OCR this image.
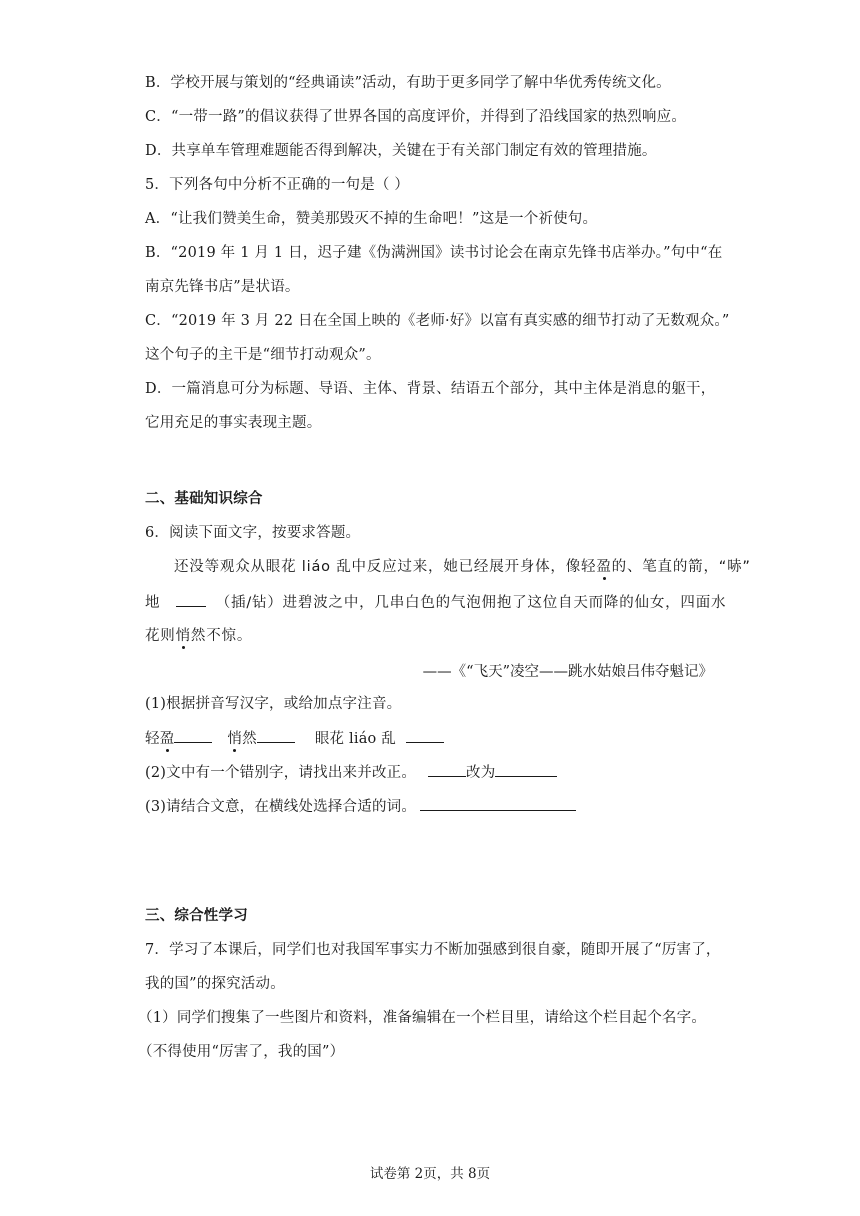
B．学校开展与策划的“经典诵读”活动，有助于更多同学了解中华优秀传统文化。
C．“一带一路”的倡议获得了世界各国的高度评价，并得到了沿线国家的热烈响应。
D．共享单车管理难题能否得到解决，关键在于有关部门制定有效的管理措施。
5．下列各句中分析不正确的一句是（ ）
A．“让我们赞美生命，赞美那毁灭不掉的生命吧！”这是一个祈使句。
B．“2019 年 1 月 1 日，迟子建《伪满洲国》读书讨论会在南京先锋书店举办。”句中“在
南京先锋书店”是状语。
C．“2019 年 3 月 22 日在全国上映的《老师·好》以富有真实感的细节打动了无数观众。”
这个句子的主干是“细节打动观众”。
D．一篇消息可分为标题、导语、主体、背景、结语五个部分，其中主体是消息的躯干，
它用充足的事实表现主题。
二、基础知识综合
6．阅读下面文字，按要求答题。
还没等观众从眼花 liáo 乱中反应过来，她已经展开身体，像轻盈的、笔直的箭，“哧”
地	（插/钻）进碧波之中，几串白色的气泡佣抱了这位自天而降的仙女，四面水
花则悄然不惊。
——《“飞天”凌空——跳水姑娘吕伟夺魁记》
(1)根据拼音写汉字，或给加点字注音。
轻盈	悄然	眼花 liáo 乱
(2)文中有一个错别字，请找出来并改正。	改为
(3)请结合文意，在横线处选择合适的词。
三、综合性学习
7．学习了本课后，同学们也对我国军事实力不断加强感到很自豪，随即开展了“厉害了，
我的国”的探究活动。
（1）同学们搜集了一些图片和资料，准备编辑在一个栏目里，请给这个栏目起个名字。
（不得使用“厉害了，我的国”）
试卷第 2页，共 8页
